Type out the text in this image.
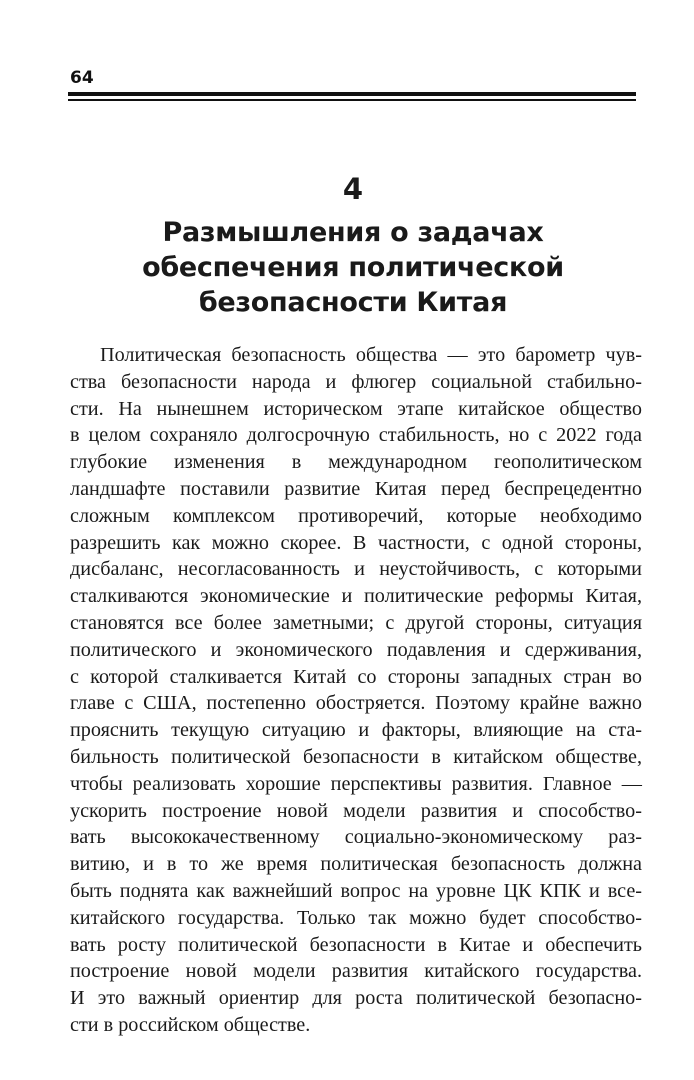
64
4
Размышления о задачах
обеспечения политической
безопасности Китая
Политическая безопасность общества — это барометр чув-
ства безопасности народа и флюгер социальной стабильно-
сти. На нынешнем историческом этапе китайское общество
в целом сохраняло долгосрочную стабильность, но с 2022 года
глубокие изменения в международном геополитическом
ландшафте поставили развитие Китая перед беспрецедентно
сложным комплексом противоречий, которые необходимо
разрешить как можно скорее. В частности, с одной стороны,
дисбаланс, несогласованность и неустойчивость, с которыми
сталкиваются экономические и политические реформы Китая,
становятся все более заметными; с другой стороны, ситуация
политического и экономического подавления и сдерживания,
с которой сталкивается Китай со стороны западных стран во
главе с США, постепенно обостряется. Поэтому крайне важно
прояснить текущую ситуацию и факторы, влияющие на ста-
бильность политической безопасности в китайском обществе,
чтобы реализовать хорошие перспективы развития. Главное —
ускорить построение новой модели развития и способство-
вать высококачественному социально-экономическому раз-
витию, и в то же время политическая безопасность должна
быть поднята как важнейший вопрос на уровне ЦК КПК и все-
китайского государства. Только так можно будет способство-
вать росту политической безопасности в Китае и обеспечить
построение новой модели развития китайского государства.
И это важный ориентир для роста политической безопасно-
сти в российском обществе.
